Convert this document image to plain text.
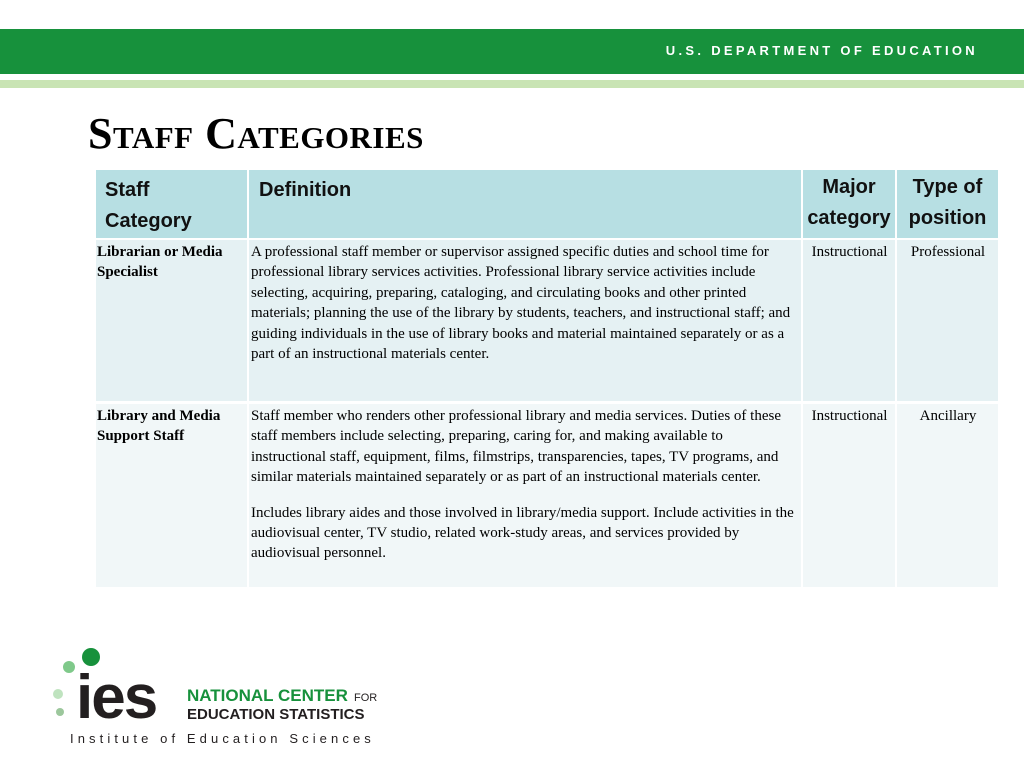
U.S. DEPARTMENT OF EDUCATION
Staff Categories
Staff Category	Definition	Major category	Type of position
Librarian or Media Specialist	A professional staff member or supervisor assigned specific duties and school time for professional library services activities. Professional library service activities include selecting, acquiring, preparing, cataloging, and circulating books and other printed materials; planning the use of the library by students, teachers, and instructional staff; and guiding individuals in the use of library books and material maintained separately or as a part of an instructional materials center.	Instructional	Professional
Library and Media Support Staff	Staff member who renders other professional library and media services. Duties of these staff members include selecting, preparing, caring for, and making available to instructional staff, equipment, films, filmstrips, transparencies, tapes, TV programs, and similar materials maintained separately or as part of an instructional materials center.

Includes library aides and those involved in library/media support. Include activities in the audiovisual center, TV studio, related work-study areas, and services provided by audiovisual personnel.	Instructional	Ancillary
ies NATIONAL CENTER FOR
EDUCATION STATISTICS
Institute of Education Sciences
